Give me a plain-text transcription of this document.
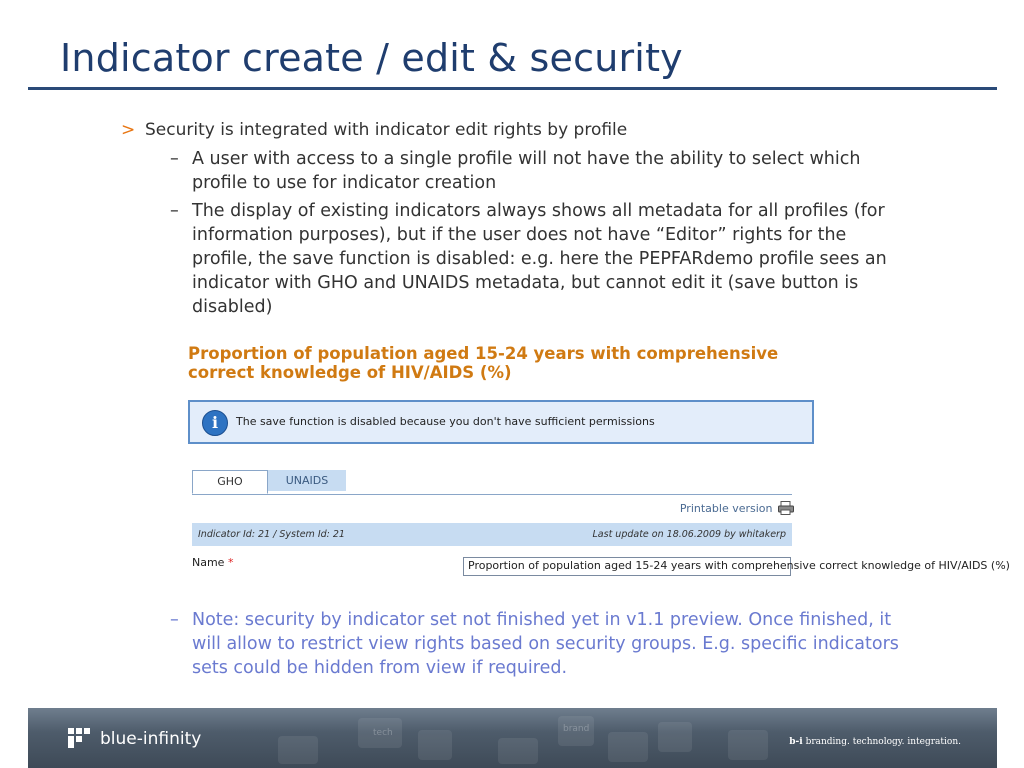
Indicator create / edit & security
> Security is integrated with indicator edit rights by profile
– A user with access to a single profile will not have the ability to select which profile to use for indicator creation
– The display of existing indicators always shows all metadata for all profiles (for information purposes), but if the user does not have “Editor” rights for the profile, the save function is disabled: e.g. here the PEPFARdemo profile sees an indicator with GHO and UNAIDS metadata, but cannot edit it (save button is disabled)
Proportion of population aged 15-24 years with comprehensive correct knowledge of HIV/AIDS (%)
i	The save function is disabled because you don't have sufficient permissions
GHO	UNAIDS
Printable version
Indicator Id: 21 / System Id: 21	Last update on 18.06.2009 by whitakerp
Name *	Proportion of population aged 15-24 years with comprehensive correct knowledge of HIV/AIDS (%)
– Note: security by indicator set not finished yet in v1.1 preview. Once finished, it will allow to restrict view rights based on security groups. E.g. specific indicators sets could be hidden from view if required.
tech	brand
blue-infinity	b-i branding. technology. integration.
